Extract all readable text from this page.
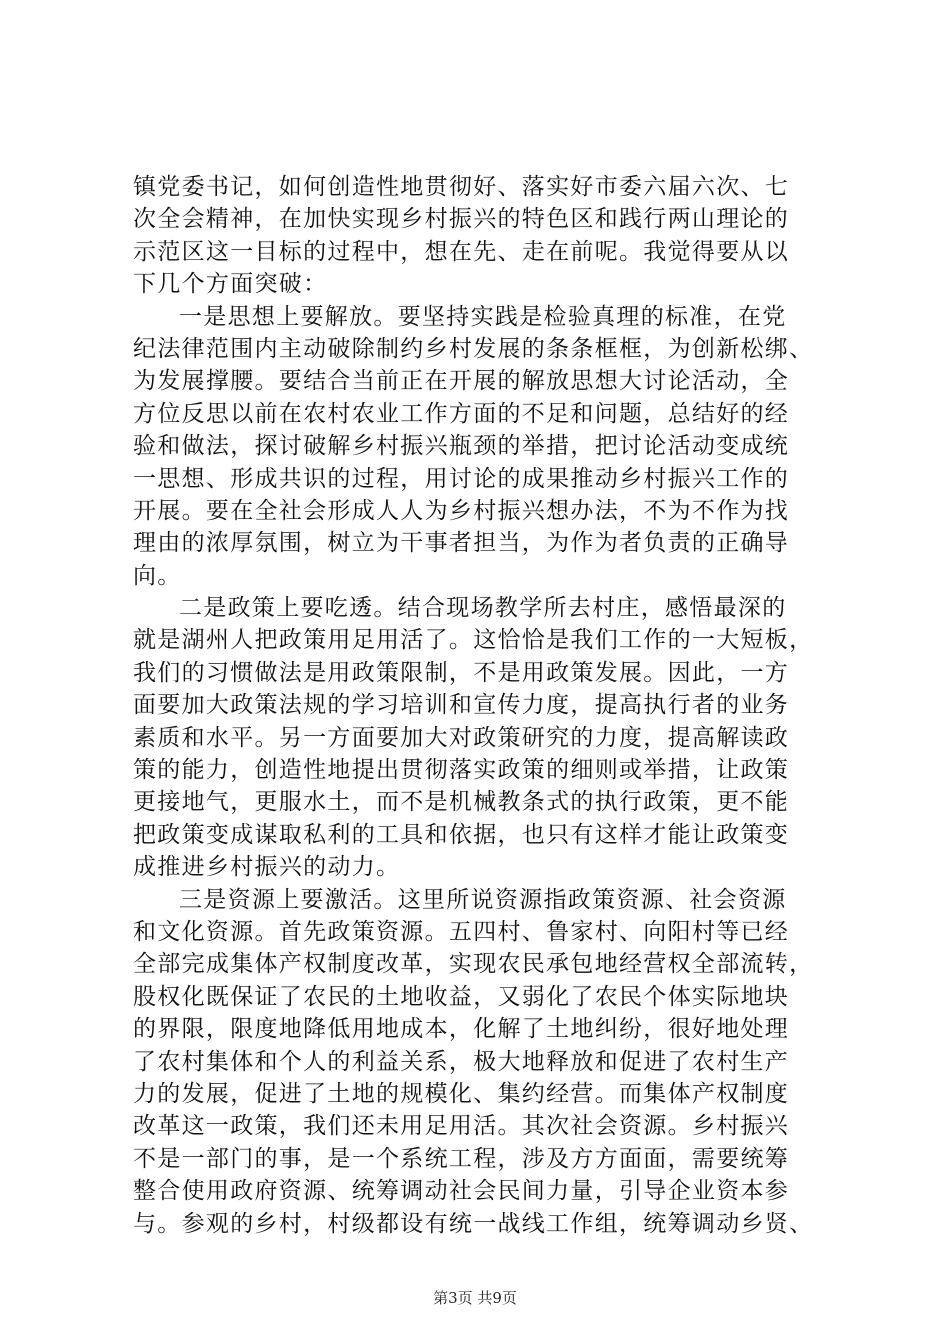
镇党委书记，如何创造性地贯彻好、落实好市委六届六次、七
次全会精神，在加快实现乡村振兴的特色区和践行两山理论的
示范区这一目标的过程中，想在先、走在前呢。我觉得要从以
下几个方面突破：
一是思想上要解放。要坚持实践是检验真理的标准，在党
纪法律范围内主动破除制约乡村发展的条条框框，为创新松绑、
为发展撑腰。要结合当前正在开展的解放思想大讨论活动，全
方位反思以前在农村农业工作方面的不足和问题，总结好的经
验和做法，探讨破解乡村振兴瓶颈的举措，把讨论活动变成统
一思想、形成共识的过程，用讨论的成果推动乡村振兴工作的
开展。要在全社会形成人人为乡村振兴想办法，不为不作为找
理由的浓厚氛围，树立为干事者担当，为作为者负责的正确导
向。
二是政策上要吃透。结合现场教学所去村庄，感悟最深的
就是湖州人把政策用足用活了。这恰恰是我们工作的一大短板，
我们的习惯做法是用政策限制，不是用政策发展。因此，一方
面要加大政策法规的学习培训和宣传力度，提高执行者的业务
素质和水平。另一方面要加大对政策研究的力度，提高解读政
策的能力，创造性地提出贯彻落实政策的细则或举措，让政策
更接地气，更服水土，而不是机械教条式的执行政策，更不能
把政策变成谋取私利的工具和依据，也只有这样才能让政策变
成推进乡村振兴的动力。
三是资源上要激活。这里所说资源指政策资源、社会资源
和文化资源。首先政策资源。五四村、鲁家村、向阳村等已经
全部完成集体产权制度改革，实现农民承包地经营权全部流转，
股权化既保证了农民的土地收益，又弱化了农民个体实际地块
的界限，限度地降低用地成本，化解了土地纠纷，很好地处理
了农村集体和个人的利益关系，极大地释放和促进了农村生产
力的发展，促进了土地的规模化、集约经营。而集体产权制度
改革这一政策，我们还未用足用活。其次社会资源。乡村振兴
不是一部门的事，是一个系统工程，涉及方方面面，需要统筹
整合使用政府资源、统筹调动社会民间力量，引导企业资本参
与。参观的乡村，村级都设有统一战线工作组，统筹调动乡贤、
第3页 共9页
